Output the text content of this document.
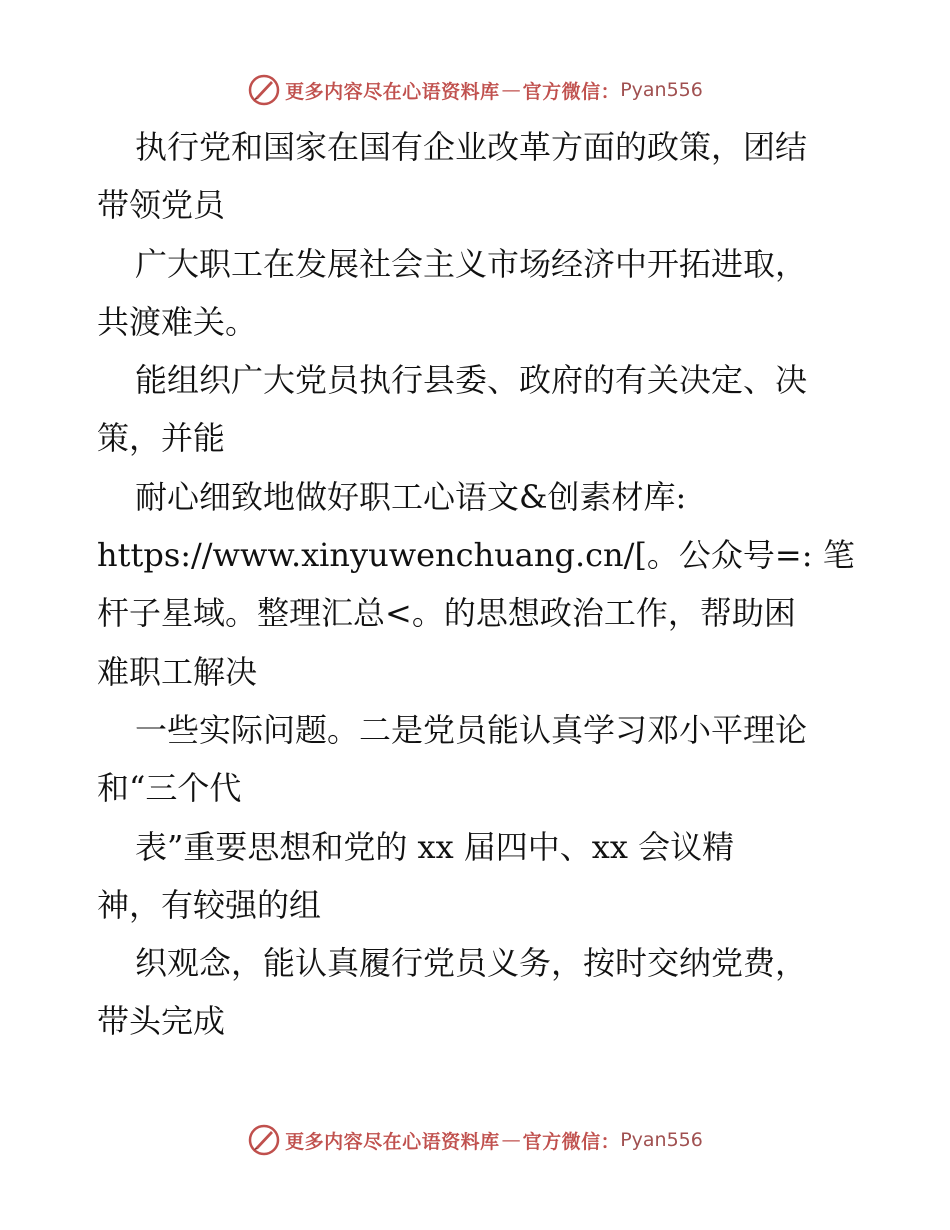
更多内容尽在心语资料库 — 官方微信： Pyan556
执行党和国家在国有企业改革方面的政策，团结
带领党员
广大职工在发展社会主义市场经济中开拓进取，
共渡难关。
能组织广大党员执行县委、政府的有关决定、决
策，并能
耐心细致地做好职工心语文&创素材库:
https://www.xinyuwenchuang.cn/[。公众号=: 笔
杆子星域。整理汇总<。的思想政治工作，帮助困
难职工解决
一些实际问题。二是党员能认真学习邓小平理论
和“三个代
表”重要思想和党的 xx 届四中、xx 会议精
神，有较强的组
织观念，能认真履行党员义务，按时交纳党费，
带头完成
更多内容尽在心语资料库 — 官方微信： Pyan556
